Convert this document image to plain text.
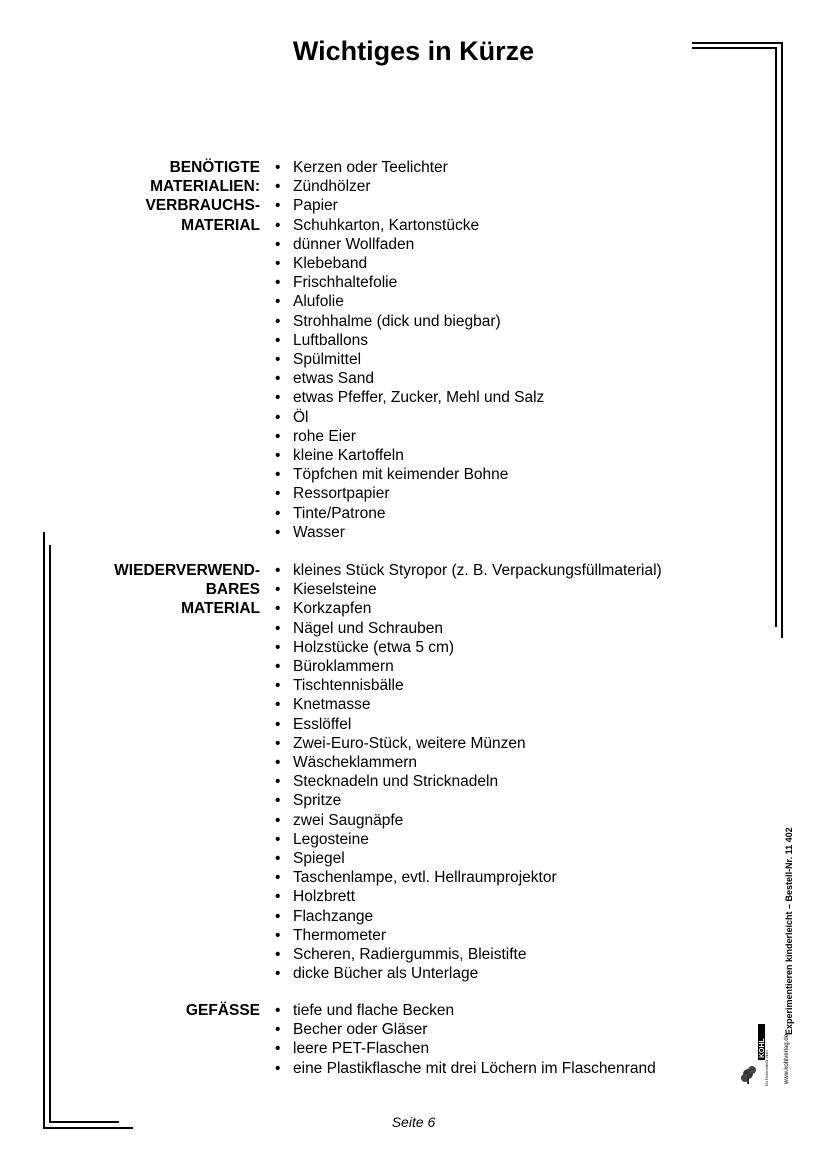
Wichtiges in Kürze
BENÖTIGTE
MATERIALIEN:
VERBRAUCHS-
MATERIAL
• Kerzen oder Teelichter
• Zündhölzer
• Papier
• Schuhkarton, Kartonstücke
• dünner Wollfaden
• Klebeband
• Frischhaltefolie
• Alufolie
• Strohhalme (dick und biegbar)
• Luftballons
• Spülmittel
• etwas Sand
• etwas Pfeffer, Zucker, Mehl und Salz
• Öl
• rohe Eier
• kleine Kartoffeln
• Töpfchen mit keimender Bohne
• Ressortpapier
• Tinte/Patrone
• Wasser
WIEDERVERWEND-
BARES
MATERIAL
• kleines Stück Styropor (z. B. Verpackungsfüllmaterial)
• Kieselsteine
• Korkzapfen
• Nägel und Schrauben
• Holzstücke (etwa 5 cm)
• Büroklammern
• Tischtennisbälle
• Knetmasse
• Esslöffel
• Zwei-Euro-Stück, weitere Münzen
• Wäscheklammern
• Stecknadeln und Stricknadeln
• Spritze
• zwei Saugnäpfe
• Legosteine
• Spiegel
• Taschenlampe, evtl. Hellraumprojektor
• Holzbrett
• Flachzange
• Thermometer
• Scheren, Radiergummis, Bleistifte
• dicke Bücher als Unterlage
GEFÄSSE
•	tiefe und flache Becken
• Becher oder Gläser
• leere PET-Flaschen
• eine Plastikflasche mit drei Löchern im Flaschenrand
Seite 6
Experimentieren kinderleicht – Bestell-Nr. 11 402
www.kohlverlag.de
KOHL
Ein Fortschritt für Ihren
